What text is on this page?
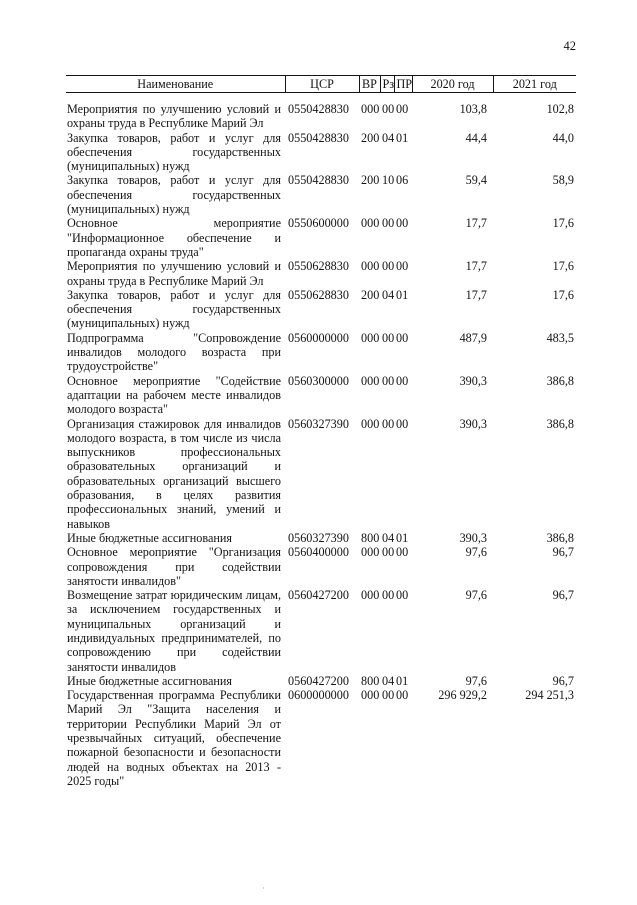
42
Наименование	ЦСР	ВР	Рз	ПР	2020 год	2021 год
Мероприятия по улучшению условий и охраны труда в Республике Марий Эл	0550428830	000	00	00	103,8	102,8
Закупка товаров, работ и услуг для обеспечения государственных (муниципальных) нужд	0550428830	200	04	01	44,4	44,0
Закупка товаров, работ и услуг для обеспечения государственных (муниципальных) нужд	0550428830	200	10	06	59,4	58,9
Основное мероприятие "Информационное обеспечение и пропаганда охраны труда"	0550600000	000	00	00	17,7	17,6
Мероприятия по улучшению условий и охраны труда в Республике Марий Эл	0550628830	000	00	00	17,7	17,6
Закупка товаров, работ и услуг для обеспечения государственных (муниципальных) нужд	0550628830	200	04	01	17,7	17,6
Подпрограмма "Сопровождение инвалидов молодого возраста при трудоустройстве"	0560000000	000	00	00	487,9	483,5
Основное мероприятие "Содействие адаптации на рабочем месте инвалидов молодого возраста"	0560300000	000	00	00	390,3	386,8
Организация стажировок для инвалидов молодого возраста, в том числе из числа выпускников профессиональных образовательных организаций и образовательных организаций высшего образования, в целях развития профессиональных знаний, умений и навыков	0560327390	000	00	00	390,3	386,8
Иные бюджетные ассигнования	0560327390	800	04	01	390,3	386,8
Основное мероприятие "Организация сопровождения при содействии занятости инвалидов"	0560400000	000	00	00	97,6	96,7
Возмещение затрат юридическим лицам, за исключением государственных и муниципальных организаций и индивидуальных предпринимателей, по сопровождению при содействии занятости инвалидов	0560427200	000	00	00	97,6	96,7
Иные бюджетные ассигнования	0560427200	800	04	01	97,6	96,7
Государственная программа Республики Марий Эл "Защита населения и территории Республики Марий Эл от чрезвычайных ситуаций, обеспечение пожарной безопасности и безопасности людей на водных объектах на 2013 - 2025 годы"	0600000000	000	00	00	296 929,2	294 251,3
·
